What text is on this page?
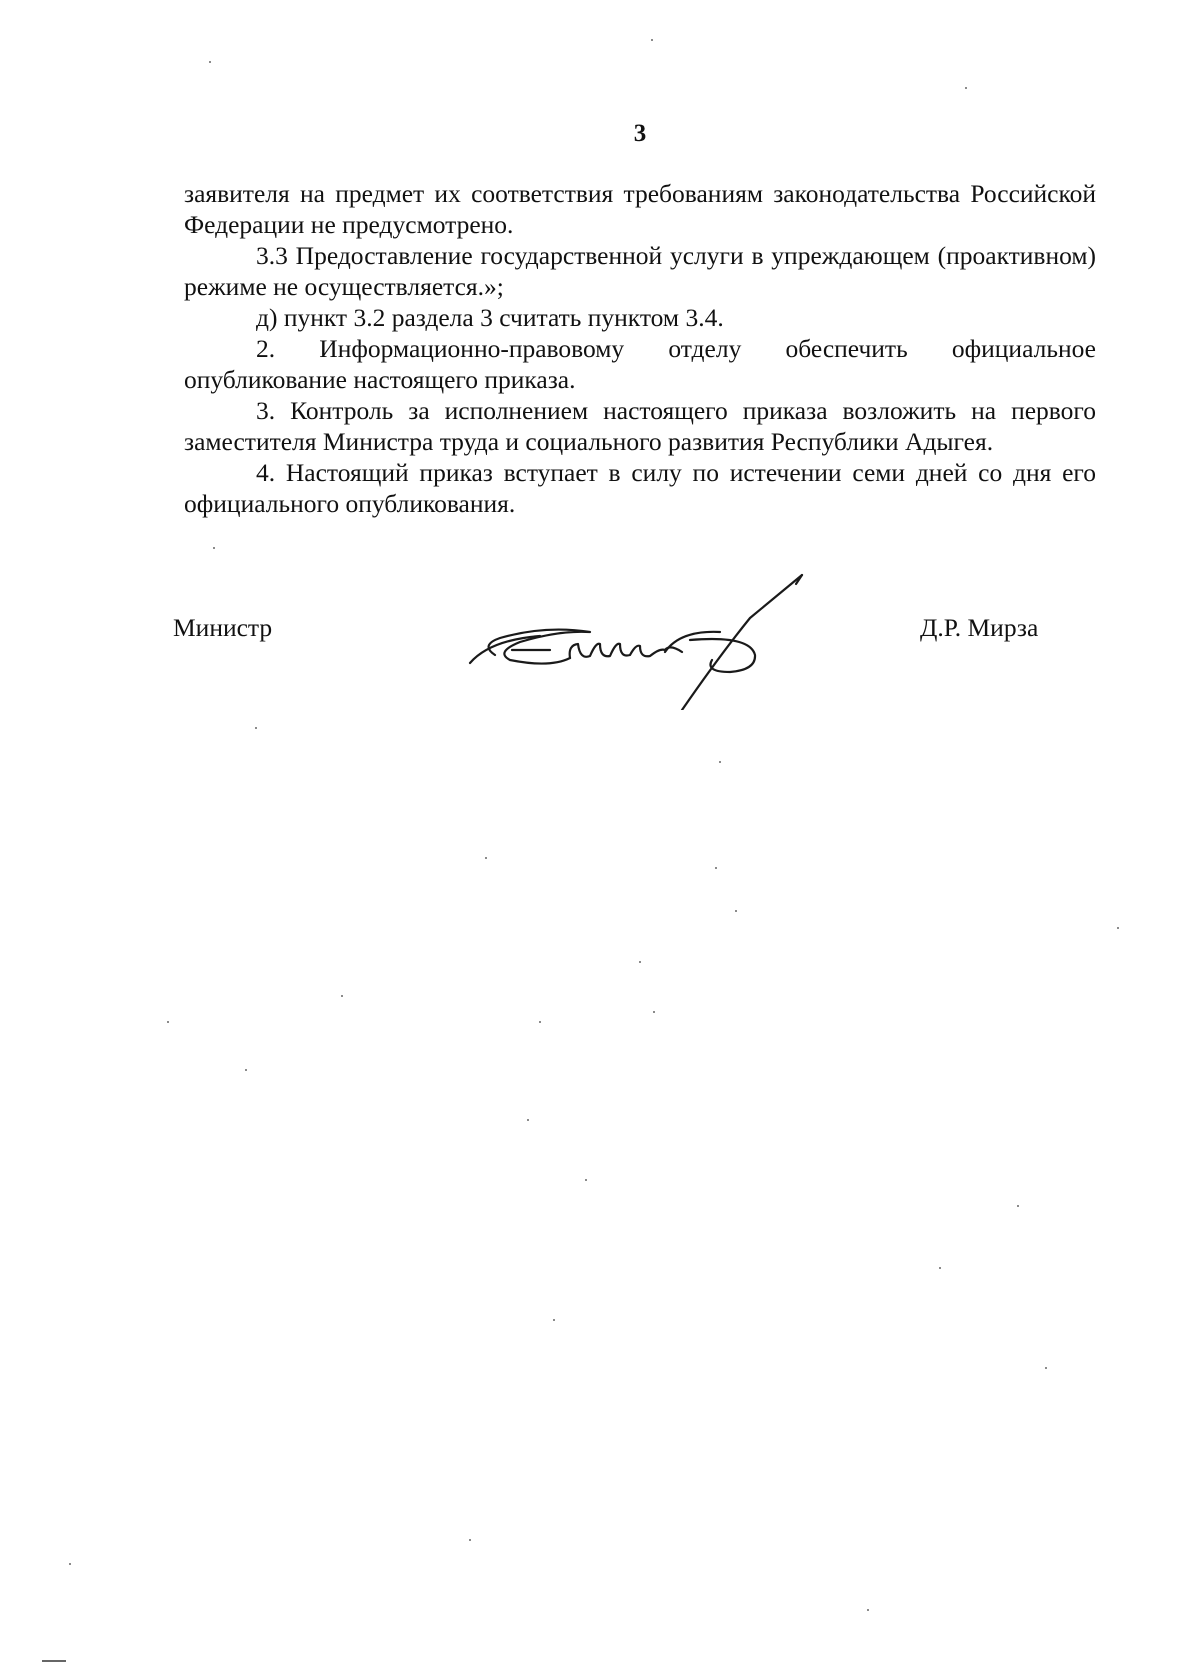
3

заявителя на предмет их соответствия требованиям законодательства Российской Федерации не предусмотрено.

3.3 Предоставление государственной услуги в упреждающем (проактивном) режиме не осуществляется.»;

д) пункт 3.2 раздела 3 считать пунктом 3.4.

2. Информационно-правовому отделу обеспечить официальное опубликование настоящего приказа.

3. Контроль за исполнением настоящего приказа возложить на первого заместителя Министра труда и социального развития Республики Адыгея.

4. Настоящий приказ вступает в силу по истечении семи дней со дня его официального опубликования.

Министр	Д.Р. Мирза
